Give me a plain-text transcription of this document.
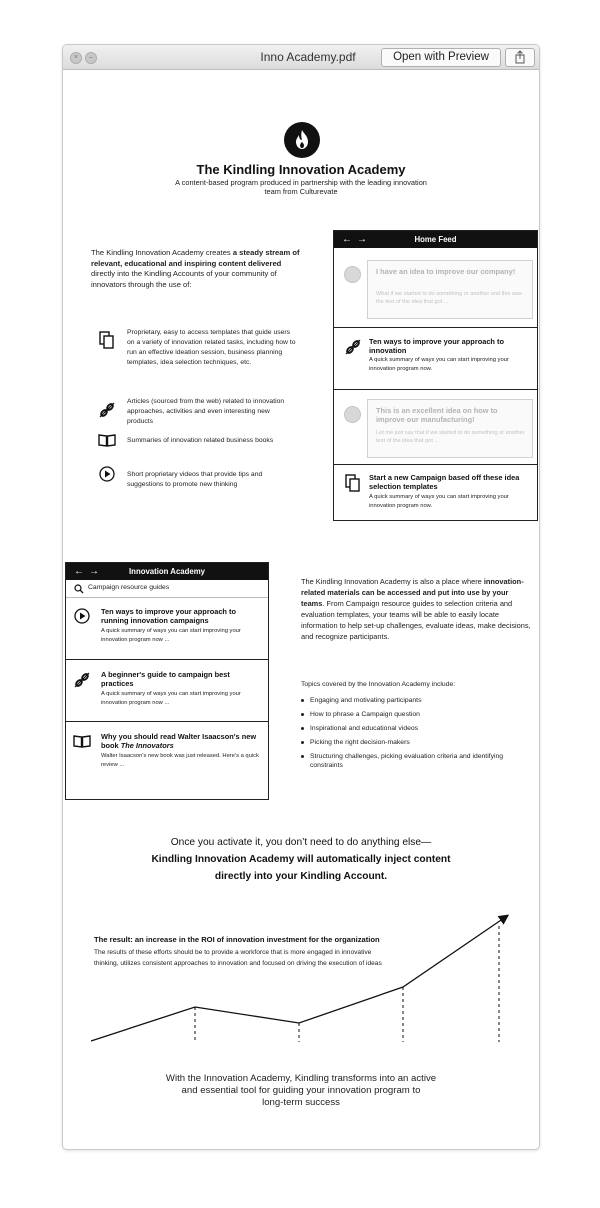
×	–	Inno Academy.pdf	Open with Preview
The Kindling Innovation Academy
A content-based program produced in partnership with the leading innovation
team from Culturevate
The Kindling Innovation Academy creates a steady stream of relevant, educational and inspiring content delivered directly into the Kindling Accounts of your community of innovators through the use of:
Proprietary, easy to access templates that guide users on a variety of innovation related tasks, including how to run an effective ideation session, business planning templates, idea selection techniques, etc.
Articles (sourced from the web) related to innovation approaches, activities and even interesting new products
Summaries of innovation related business books
Short proprietary videos that provide tips and suggestions to promote new thinking
←→	Home Feed
I have an idea to improve our company!
What if we started to do something or another and this was the text of the idea that got ...
Ten ways to improve your approach to innovation
A quick summary of ways you can start improving your innovation program now.
This is an excellent idea on how to improve our manufacturing!
Let me just say that if we started to do something or another text of the idea that got ...
Start a new Campaign based off these idea selection templates
A quick summary of ways you can start improving your innovation program now.
←→	Innovation Academy
Campaign resource guides
Ten ways to improve your approach to running innovation campaigns
A quick summary of ways you can start improving your innovation program now ...
A beginner's guide to campaign best practices
A quick summary of ways you can start improving your innovation program now ...
Why you should read Walter Isaacson's new book The Innovators
Walter Isaacson's new book was just released. Here's a quick review ...
The Kindling Innovation Academy is also a place where innovation-related materials can be accessed and put into use by your teams. From Campaign resource guides to selection criteria and evaluation templates, your teams will be able to easily locate information to help set-up challenges, evaluate ideas, make decisions, and recognize participants.
Topics covered by the Innovation Academy include:
Engaging and motivating participants
How to phrase a Campaign question
Inspirational and educational videos
Picking the right decision-makers
Structuring challenges, picking evaluation criteria and identifying constraints
Once you activate it, you don’t need to do anything else—
Kindling Innovation Academy will automatically inject content
directly into your Kindling Account.
The result: an increase in the ROI of innovation investment for the organization
The results of these efforts should be to provide a workforce that is more engaged in innovative thinking, utilizes consistent approaches to innovation and focused on driving the execution of ideas
With the Innovation Academy, Kindling transforms into an active
and essential tool for guiding your innovation program to
long-term success
